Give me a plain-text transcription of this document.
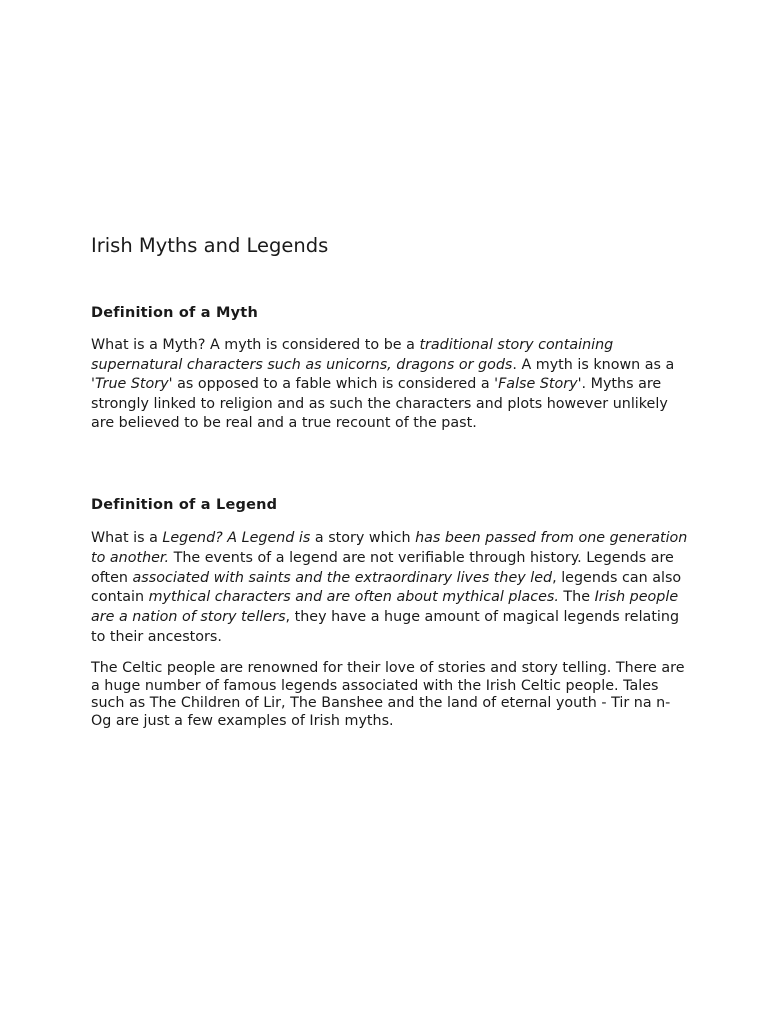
Irish Myths and Legends
Definition of a Myth

What is a Myth? A myth is considered to be a traditional story containing supernatural characters such as unicorns, dragons or gods. A myth is known as a 'True Story' as opposed to a fable which is considered a 'False Story'. Myths are strongly linked to religion and as such the characters and plots however unlikely are believed to be real and a true recount of the past.

Definition of a Legend

What is a Legend? A Legend is a story which has been passed from one generation to another. The events of a legend are not verifiable through history. Legends are often associated with saints and the extraordinary lives they led, legends can also contain mythical characters and are often about mythical places. The Irish people are a nation of story tellers, they have a huge amount of magical legends relating to their ancestors.

The Celtic people are renowned for their love of stories and story telling. There are a huge number of famous legends associated with the Irish Celtic people. Tales such as The Children of Lir, The Banshee and the land of eternal youth - Tir na n-Og are just a few examples of Irish myths.
